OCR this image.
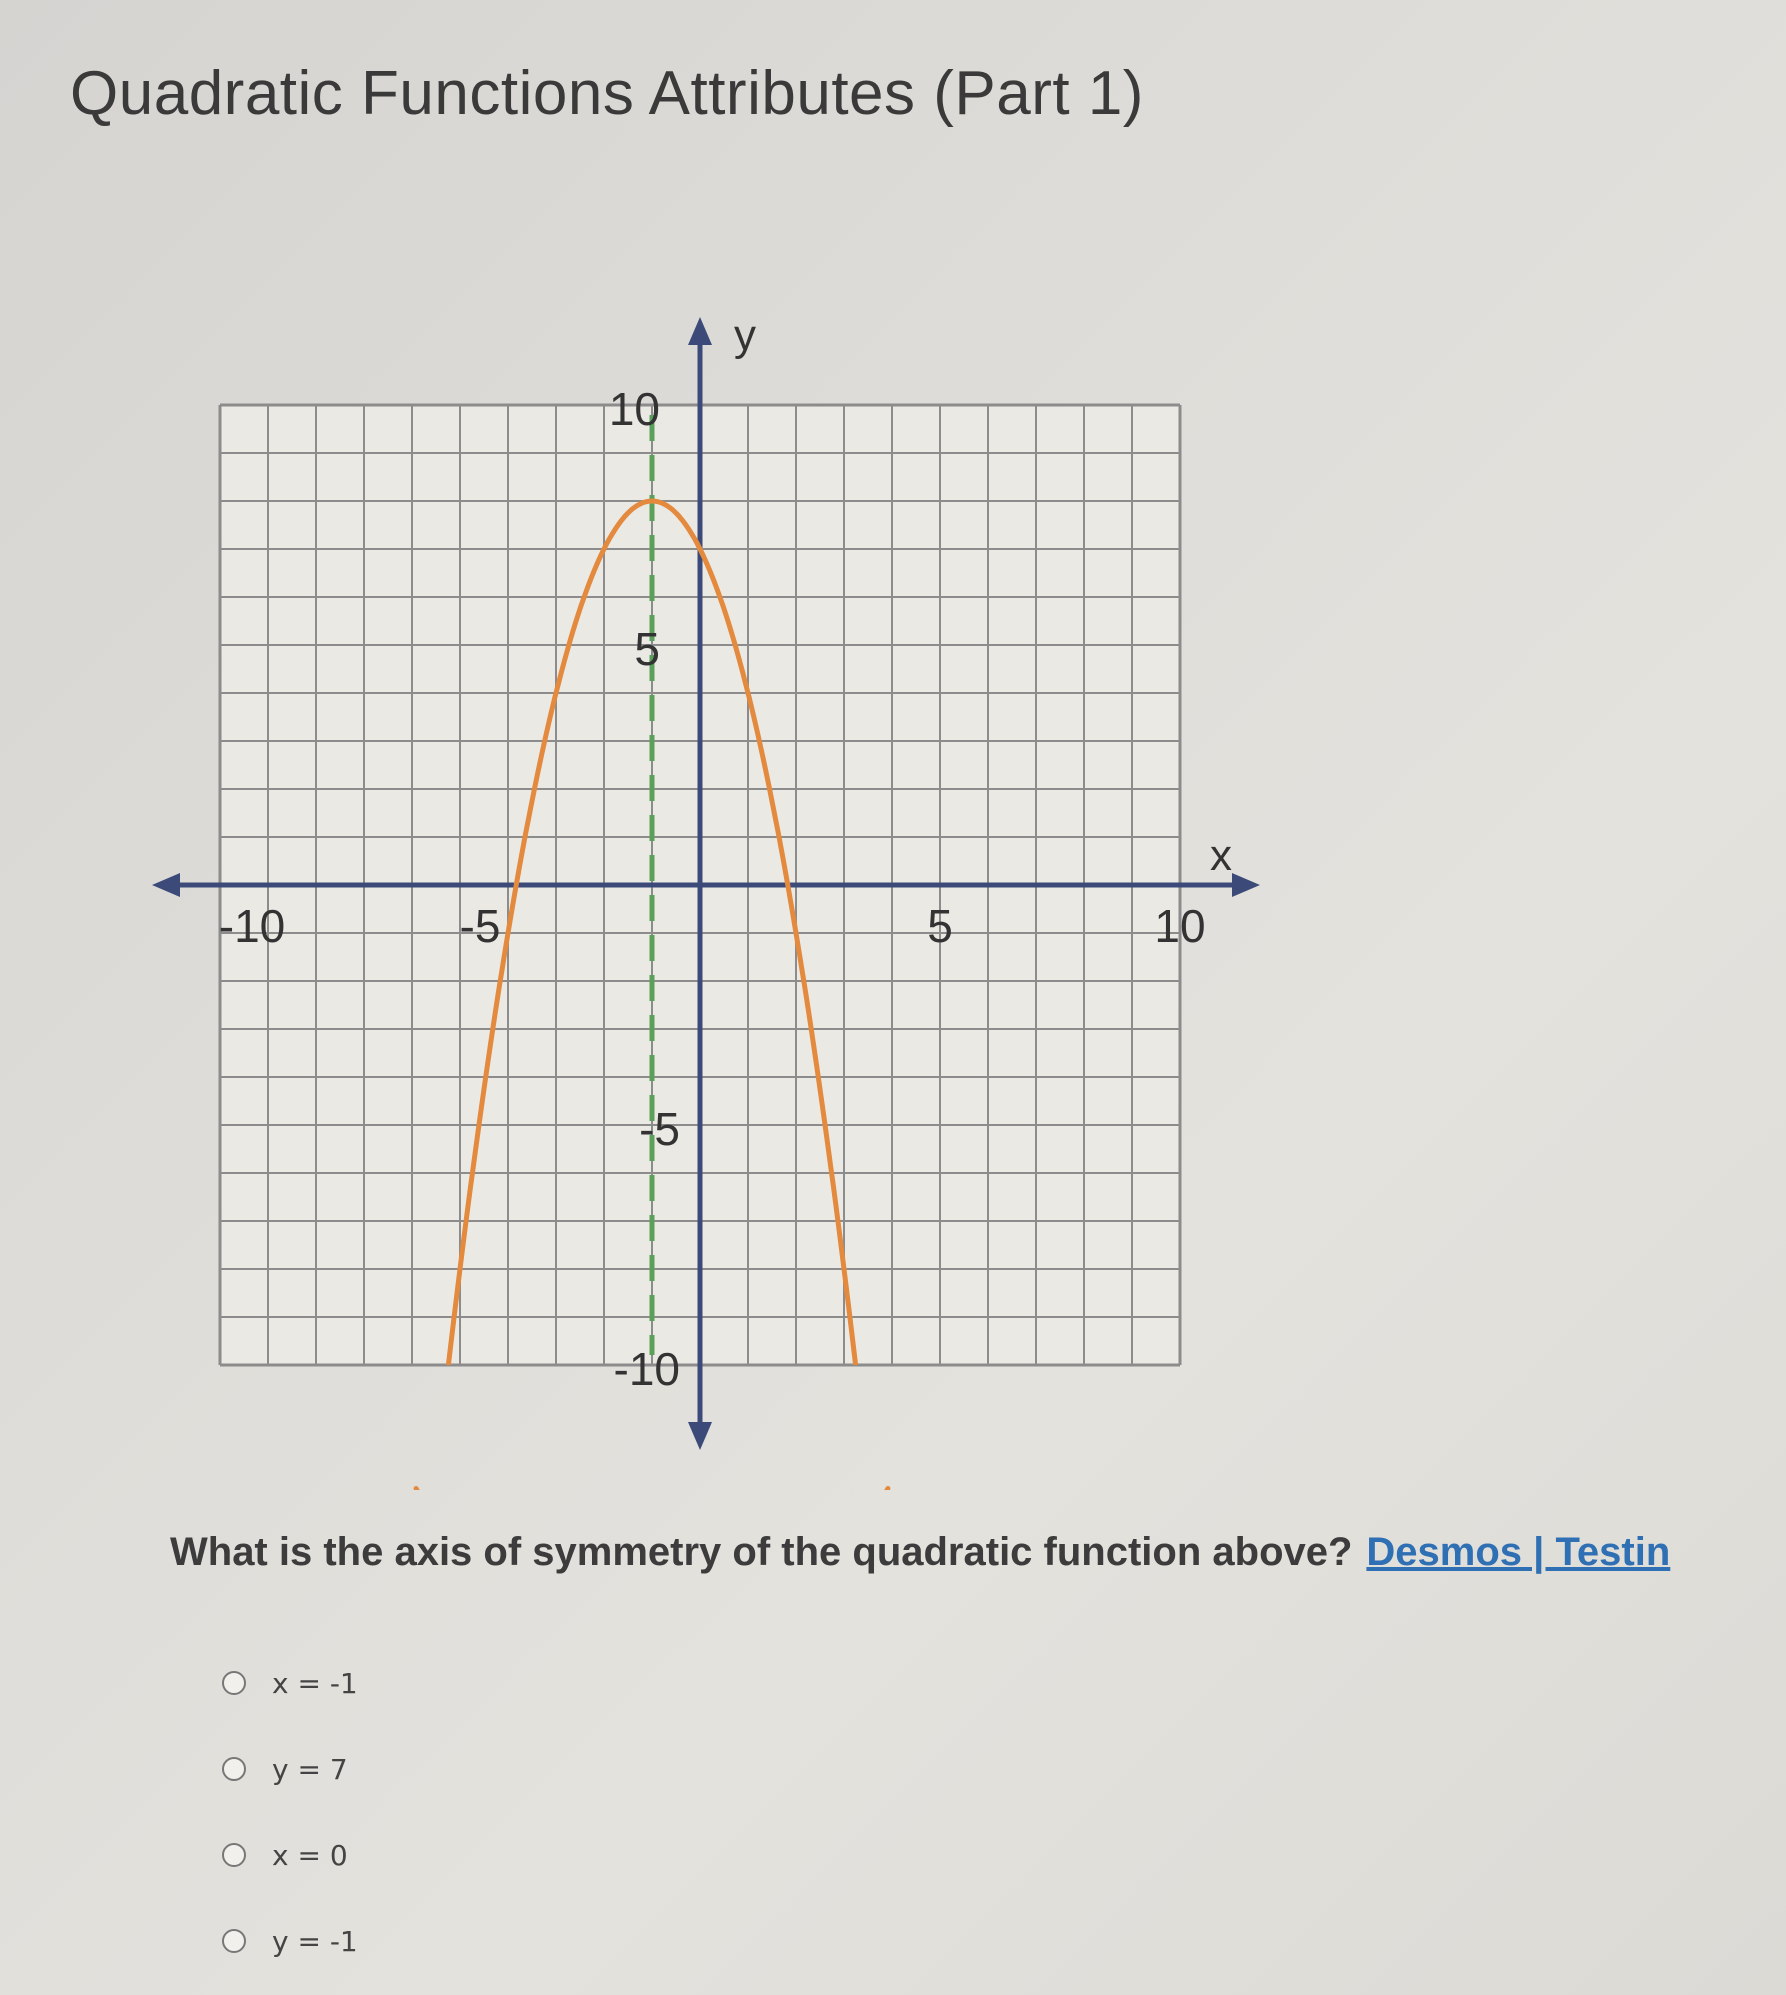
Quadratic Functions Attributes (Part 1)
y
x
10
5
-5
-10
-10	-5	5	10
What is the axis of symmetry of the quadratic function above? Desmos | Testin
x = -1
y = 7
x = 0
y = -1
